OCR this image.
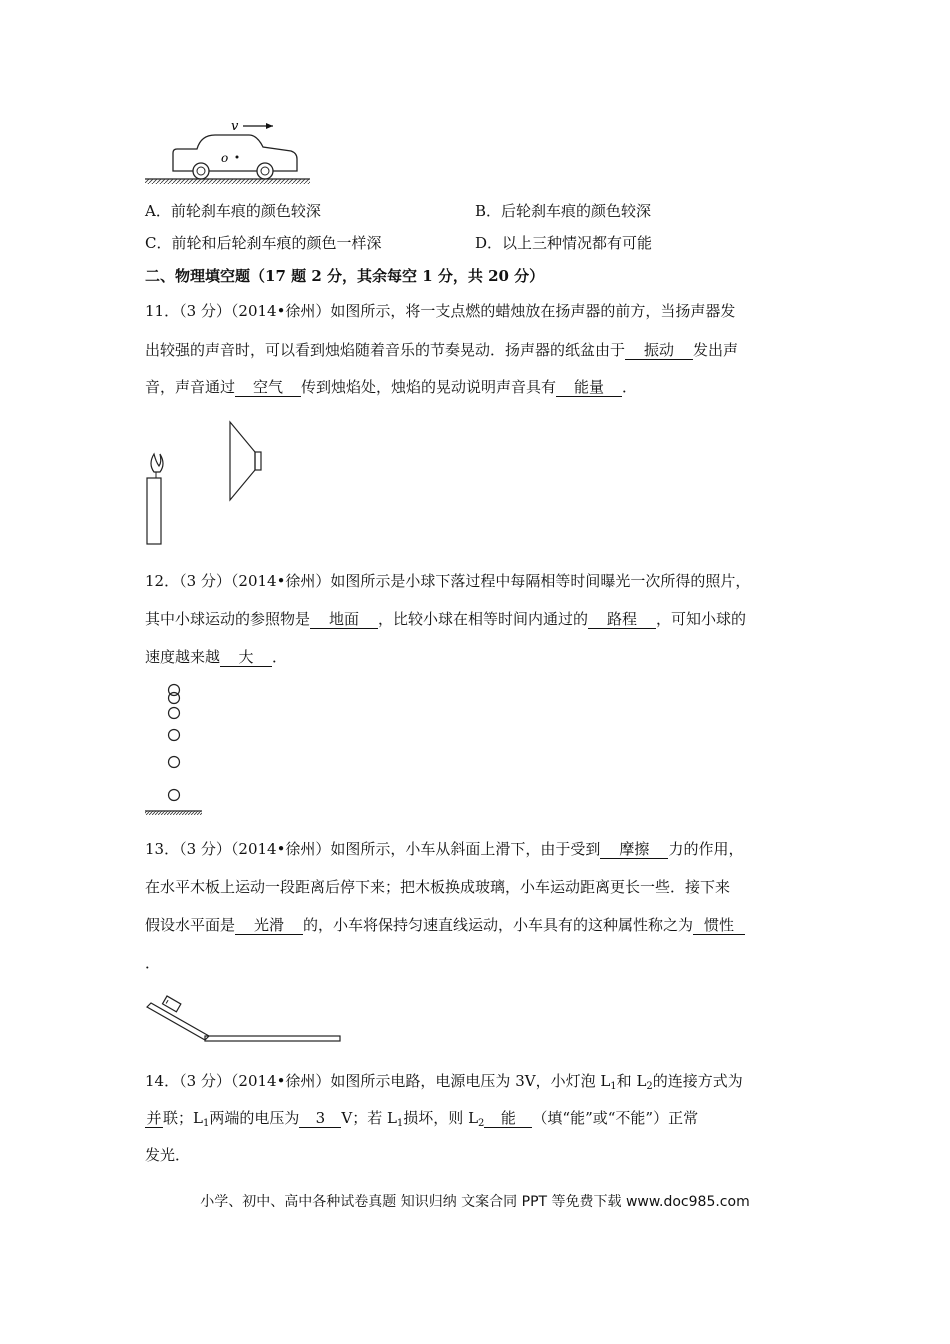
v
o
A．前轮刹车痕的颜色较深	B．后轮刹车痕的颜色较深
C．前轮和后轮刹车痕的颜色一样深	D．以上三种情况都有可能
二、物理填空题（17 题 2 分，其余每空 1 分，共 20 分）
11．（3 分）（2014•徐州）如图所示，将一支点燃的蜡烛放在扬声器的前方，当扬声器发
出较强的声音时，可以看到烛焰随着音乐的节奏晃动．扬声器的纸盆由于 振动 发出声
音，声音通过 空气 传到烛焰处，烛焰的晃动说明声音具有 能量 ．
12．（3 分）（2014•徐州）如图所示是小球下落过程中每隔相等时间曝光一次所得的照片，
其中小球运动的参照物是 地面 ，比较小球在相等时间内通过的 路程 ，可知小球的
速度越来越 大 ．
13．（3 分）（2014•徐州）如图所示，小车从斜面上滑下，由于受到 摩擦 力的作用，
在水平木板上运动一段距离后停下来；把木板换成玻璃，小车运动距离更长一些．接下来
假设水平面是 光滑 的，小车将保持匀速直线运动，小车具有的这种属性称之为 惯性
．
14．（3 分）（2014•徐州）如图所示电路，电源电压为 3V，小灯泡 $L_1$和 $L_2$的连接方式为
并 联；$L_1$两端的电压为 3 V；若 $L_1$损坏，则 $L_2$ 能 （填“能”或“不能”）正常
发光．
小学、初中、高中各种试卷真题 知识归纳 文案合同 PPT 等免费下载 www.doc985.com
